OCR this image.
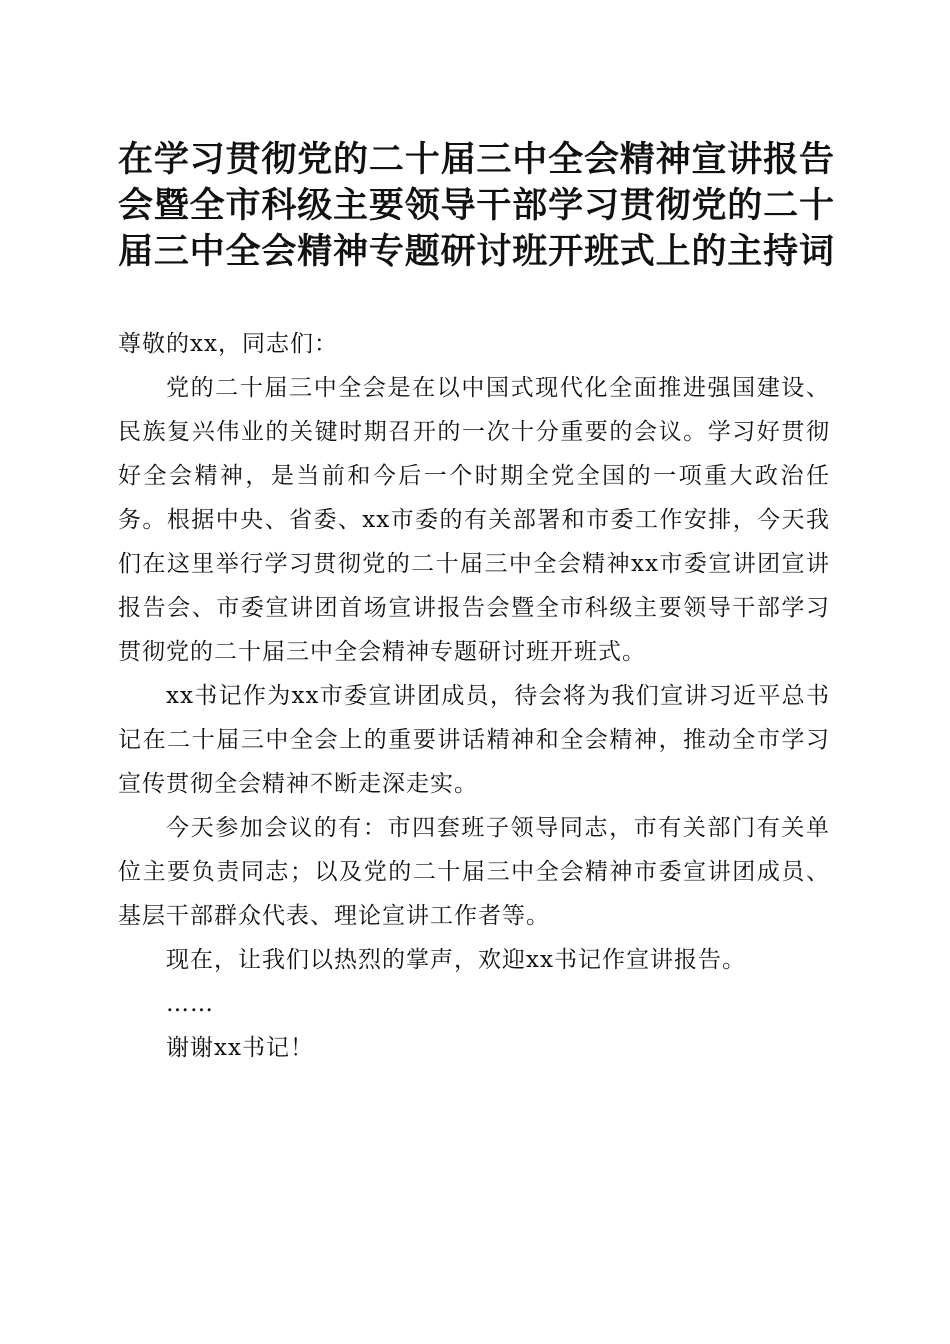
在学习贯彻党的二十届三中全会精神宣讲报告
会暨全市科级主要领导干部学习贯彻党的二十
届三中全会精神专题研讨班开班式上的主持词

尊敬的xx，同志们：

党的二十届三中全会是在以中国式现代化全面推进强国建设、民族复兴伟业的关键时期召开的一次十分重要的会议。学习好贯彻好全会精神，是当前和今后一个时期全党全国的一项重大政治任务。根据中央、省委、xx市委的有关部署和市委工作安排，今天我们在这里举行学习贯彻党的二十届三中全会精神xx市委宣讲团宣讲报告会、市委宣讲团首场宣讲报告会暨全市科级主要领导干部学习贯彻党的二十届三中全会精神专题研讨班开班式。

xx书记作为xx市委宣讲团成员，待会将为我们宣讲习近平总书记在二十届三中全会上的重要讲话精神和全会精神，推动全市学习宣传贯彻全会精神不断走深走实。

今天参加会议的有：市四套班子领导同志，市有关部门有关单位主要负责同志；以及党的二十届三中全会精神市委宣讲团成员、基层干部群众代表、理论宣讲工作者等。

现在，让我们以热烈的掌声，欢迎xx书记作宣讲报告。

……

谢谢xx书记！
